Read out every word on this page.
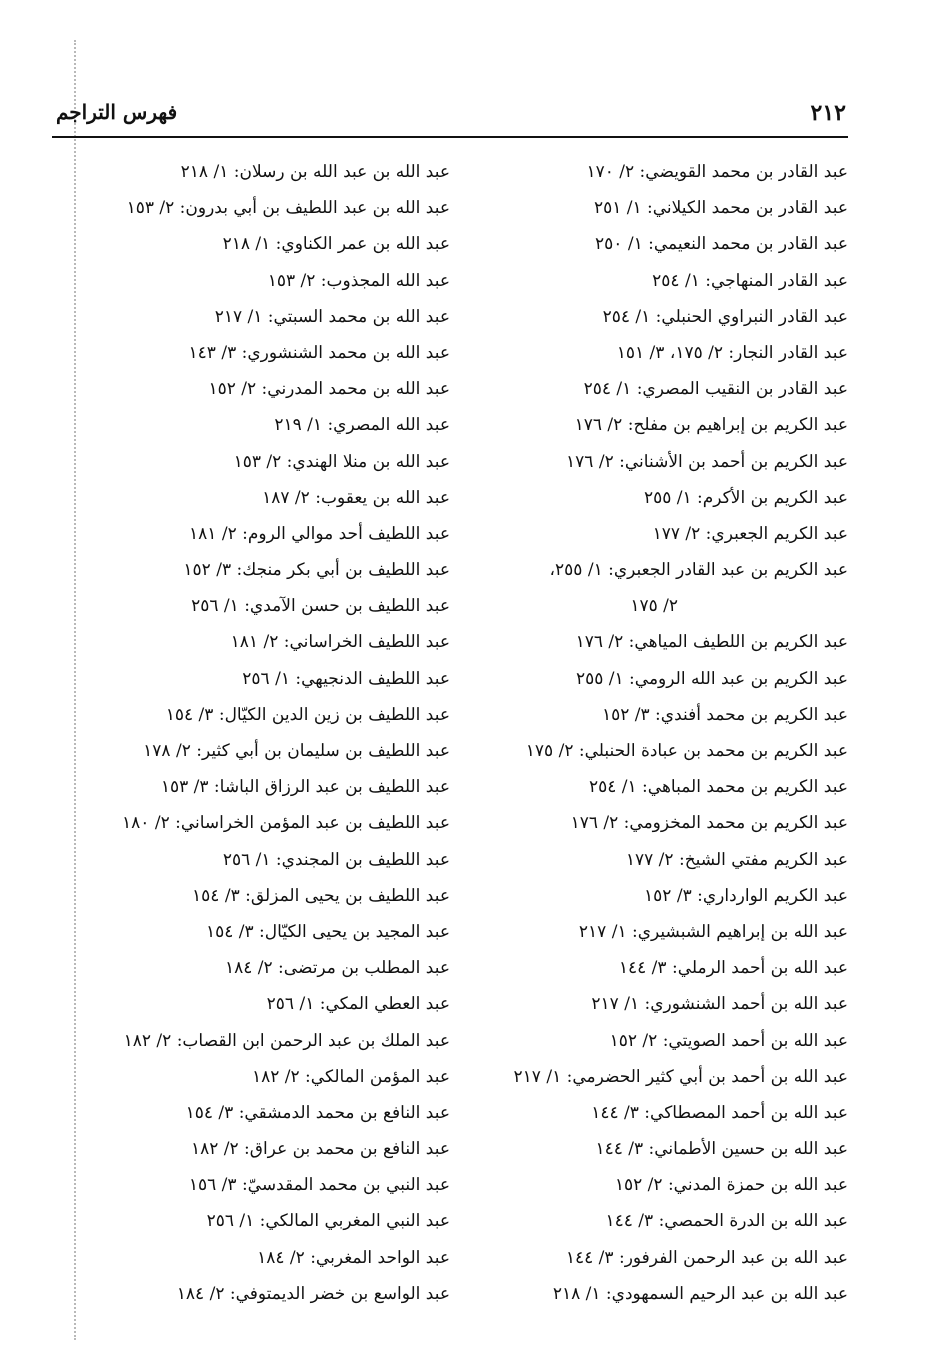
٢١٢
فهرس التراجم
عبد القادر بن محمد القويضي: ٢/ ١٧٠
عبد القادر بن محمد الكيلاني: ١/ ٢٥١
عبد القادر بن محمد النعيمي: ١/ ٢٥٠
عبد القادر المنهاجي: ١/ ٢٥٤
عبد القادر النبراوي الحنبلي: ١/ ٢٥٤
عبد القادر النجار: ٢/ ١٧٥، ٣/ ١٥١
عبد القادر بن النقيب المصري: ١/ ٢٥٤
عبد الكريم بن إبراهيم بن مفلح: ٢/ ١٧٦
عبد الكريم بن أحمد بن الأشناني: ٢/ ١٧٦
عبد الكريم بن الأكرم: ١/ ٢٥٥
عبد الكريم الجعبري: ٢/ ١٧٧
عبد الكريم بن عبد القادر الجعبري: ١/ ٢٥٥،
٢/ ١٧٥
عبد الكريم بن اللطيف المياهي: ٢/ ١٧٦
عبد الكريم بن عبد الله الرومي: ١/ ٢٥٥
عبد الكريم بن محمد أفندي: ٣/ ١٥٢
عبد الكريم بن محمد بن عبادة الحنبلي: ٢/ ١٧٥
عبد الكريم بن محمد المباهي: ١/ ٢٥٤
عبد الكريم بن محمد المخزومي: ٢/ ١٧٦
عبد الكريم مفتي الشيخ: ٢/ ١٧٧
عبد الكريم الوارداري: ٣/ ١٥٢
عبد الله بن إبراهيم الشبشيري: ١/ ٢١٧
عبد الله بن أحمد الرملي: ٣/ ١٤٤
عبد الله بن أحمد الشنشوري: ١/ ٢١٧
عبد الله بن أحمد الصويتي: ٢/ ١٥٢
عبد الله بن أحمد بن أبي كثير الحضرمي: ١/ ٢١٧
عبد الله بن أحمد المصطاكي: ٣/ ١٤٤
عبد الله بن حسين الأطماني: ٣/ ١٤٤
عبد الله بن حمزة المدني: ٢/ ١٥٢
عبد الله بن الدرة الحمصي: ٣/ ١٤٤
عبد الله بن عبد الرحمن الفرفور: ٣/ ١٤٤
عبد الله بن عبد الرحيم السمهودي: ١/ ٢١٨
عبد الله بن عبد الله بن رسلان: ١/ ٢١٨
عبد الله بن عبد اللطيف بن أبي بدرون: ٢/ ١٥٣
عبد الله بن عمر الكناوي: ١/ ٢١٨
عبد الله المجذوب: ٢/ ١٥٣
عبد الله بن محمد السبتي: ١/ ٢١٧
عبد الله بن محمد الشنشوري: ٣/ ١٤٣
عبد الله بن محمد المدرني: ٢/ ١٥٢
عبد الله المصري: ١/ ٢١٩
عبد الله بن منلا الهندي: ٢/ ١٥٣
عبد الله بن يعقوب: ٢/ ١٨٧
عبد اللطيف أحد موالي الروم: ٢/ ١٨١
عبد اللطيف بن أبي بكر منجك: ٣/ ١٥٢
عبد اللطيف بن حسن الآمدي: ١/ ٢٥٦
عبد اللطيف الخراساني: ٢/ ١٨١
عبد اللطيف الدنجيهي: ١/ ٢٥٦
عبد اللطيف بن زين الدين الكيّال: ٣/ ١٥٤
عبد اللطيف بن سليمان بن أبي كثير: ٢/ ١٧٨
عبد اللطيف بن عبد الرزاق الباشا: ٣/ ١٥٣
عبد اللطيف بن عبد المؤمن الخراساني: ٢/ ١٨٠
عبد اللطيف بن المجندي: ١/ ٢٥٦
عبد اللطيف بن يحيى المزلق: ٣/ ١٥٤
عبد المجيد بن يحيى الكيّال: ٣/ ١٥٤
عبد المطلب بن مرتضى: ٢/ ١٨٤
عبد العطي المكي: ١/ ٢٥٦
عبد الملك بن عبد الرحمن ابن القصاب: ٢/ ١٨٢
عبد المؤمن المالكي: ٢/ ١٨٢
عبد النافع بن محمد الدمشقي: ٣/ ١٥٤
عبد النافع بن محمد بن عراق: ٢/ ١٨٢
عبد النبي بن محمد المقدسيّ: ٣/ ١٥٦
عبد النبي المغربي المالكي: ١/ ٢٥٦
عبد الواحد المغربي: ٢/ ١٨٤
عبد الواسع بن خضر الديمتوفي: ٢/ ١٨٤
